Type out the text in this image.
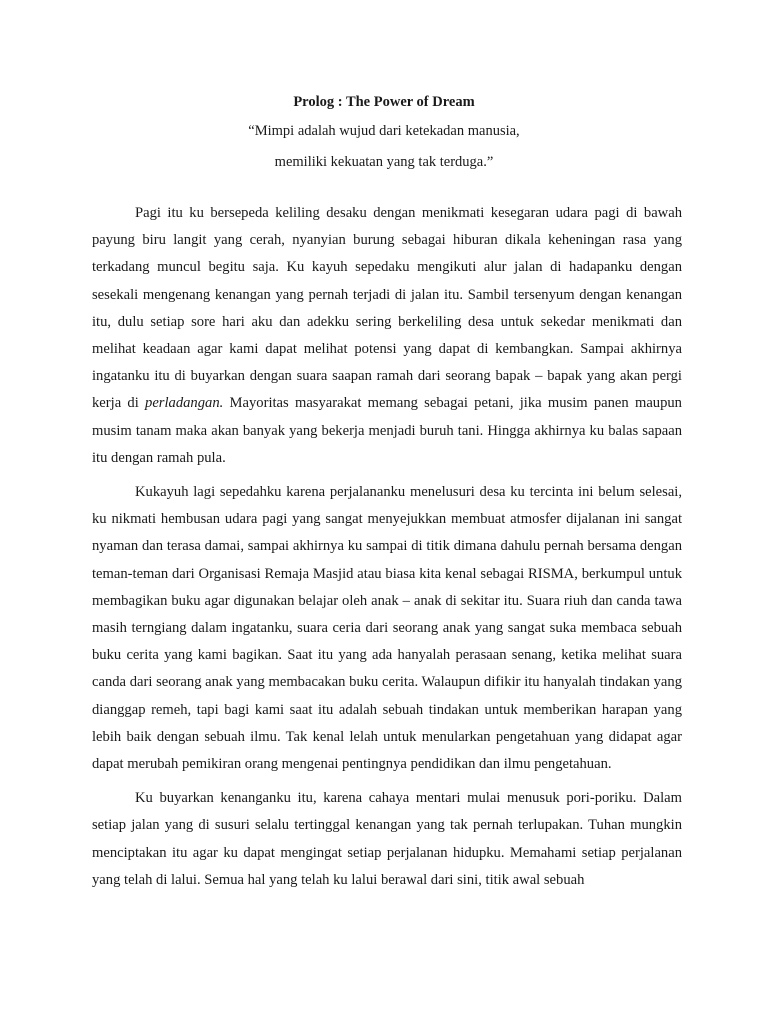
Prolog : The Power of Dream

“Mimpi adalah wujud dari ketekadan manusia,

memiliki kekuatan yang tak terduga.”

Pagi itu ku bersepeda keliling desaku dengan menikmati kesegaran udara pagi di bawah payung biru langit yang cerah, nyanyian burung sebagai hiburan dikala keheningan rasa yang terkadang muncul begitu saja. Ku kayuh sepedaku mengikuti alur jalan di hadapanku dengan sesekali mengenang kenangan yang pernah terjadi di jalan itu. Sambil tersenyum dengan kenangan itu, dulu setiap sore hari aku dan adekku sering berkeliling desa untuk sekedar menikmati dan melihat keadaan agar kami dapat melihat potensi yang dapat di kembangkan. Sampai akhirnya ingatanku itu di buyarkan dengan suara saapan ramah dari seorang bapak – bapak yang akan pergi kerja di perladangan. Mayoritas masyarakat memang sebagai petani, jika musim panen maupun musim tanam maka akan banyak yang bekerja menjadi buruh tani. Hingga akhirnya ku balas sapaan itu dengan ramah pula.

Kukayuh lagi sepedahku karena perjalananku menelusuri desa ku tercinta ini belum selesai, ku nikmati hembusan udara pagi yang sangat menyejukkan membuat atmosfer dijalanan ini sangat nyaman dan terasa damai, sampai akhirnya ku sampai di titik dimana dahulu pernah bersama dengan teman-teman dari Organisasi Remaja Masjid atau biasa kita kenal sebagai RISMA, berkumpul untuk membagikan buku agar digunakan belajar oleh anak – anak di sekitar itu. Suara riuh dan canda tawa masih terngiang dalam ingatanku, suara ceria dari seorang anak yang sangat suka membaca sebuah buku cerita yang kami bagikan. Saat itu yang ada hanyalah perasaan senang, ketika melihat suara canda dari seorang anak yang membacakan buku cerita. Walaupun difikir itu hanyalah tindakan yang dianggap remeh, tapi bagi kami saat itu adalah sebuah tindakan untuk memberikan harapan yang lebih baik dengan sebuah ilmu. Tak kenal lelah untuk menularkan pengetahuan yang didapat agar dapat merubah pemikiran orang mengenai pentingnya pendidikan dan ilmu pengetahuan.

Ku buyarkan kenanganku itu, karena cahaya mentari mulai menusuk pori-poriku. Dalam setiap jalan yang di susuri selalu tertinggal kenangan yang tak pernah terlupakan. Tuhan mungkin menciptakan itu agar ku dapat mengingat setiap perjalanan hidupku. Memahami setiap perjalanan yang telah di lalui. Semua hal yang telah ku lalui berawal dari sini, titik awal sebuah
